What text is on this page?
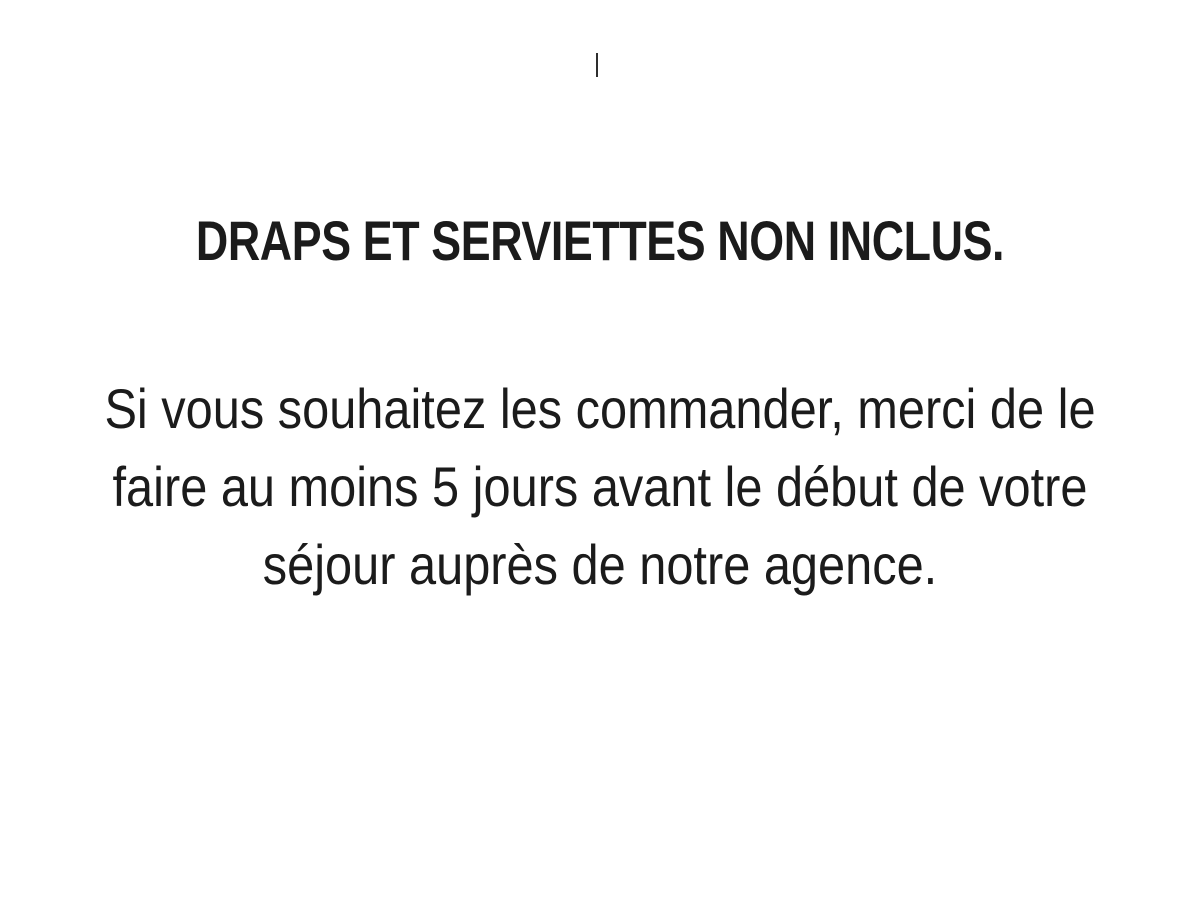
DRAPS ET SERVIETTES NON INCLUS.
Si vous souhaitez les commander, merci de le
faire au moins 5 jours avant le début de votre
séjour auprès de notre agence.
